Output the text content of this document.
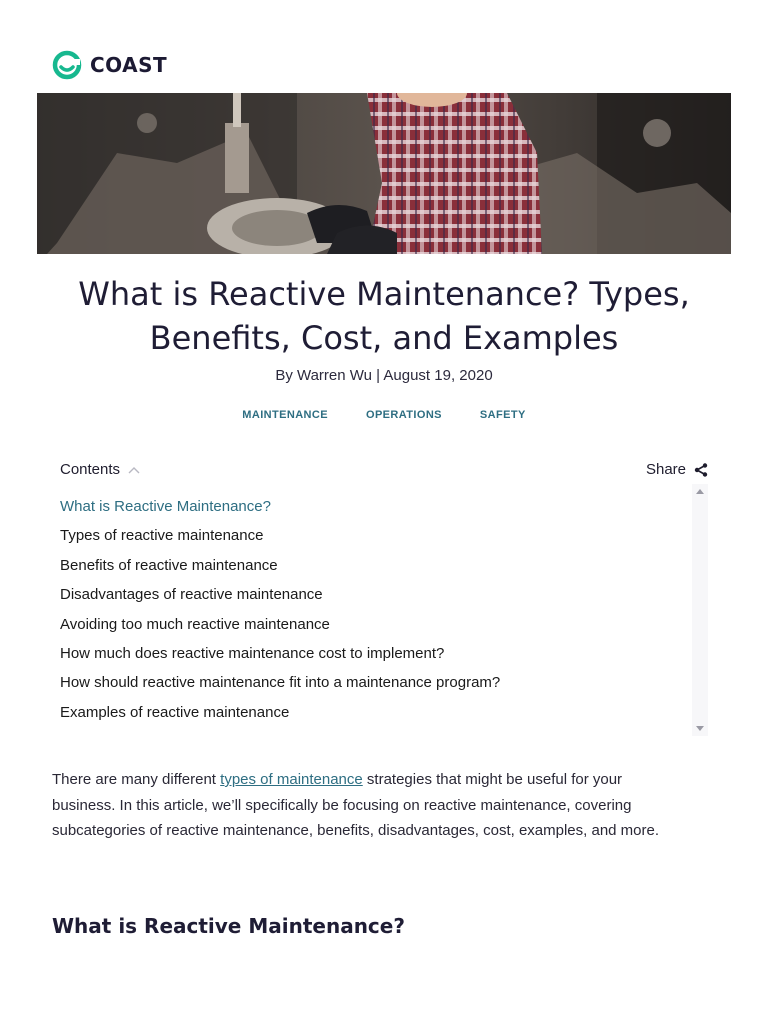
COAST
What is Reactive Maintenance? Types, Benefits, Cost, and Examples
By Warren Wu | August 19, 2020
MAINTENANCE	OPERATIONS	SAFETY
Contents	Share
What is Reactive Maintenance?
Types of reactive maintenance
Benefits of reactive maintenance
Disadvantages of reactive maintenance
Avoiding too much reactive maintenance
How much does reactive maintenance cost to implement?
How should reactive maintenance fit into a maintenance program?
Examples of reactive maintenance

There are many different types of maintenance strategies that might be useful for your business. In this article, we’ll specifically be focusing on reactive maintenance, covering subcategories of reactive maintenance, benefits, disadvantages, cost, examples, and more.

What is Reactive Maintenance?
